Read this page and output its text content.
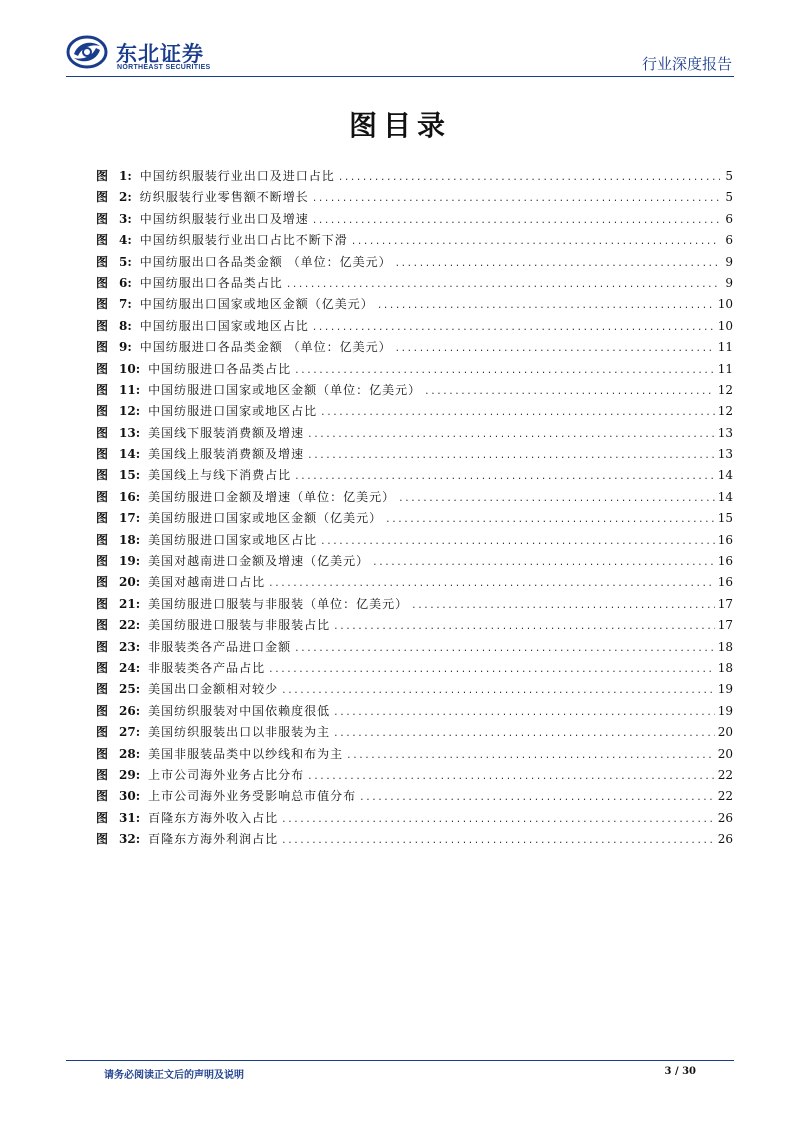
东北证券
NORTHEAST SECURITIES	行业深度报告
图目录
图 1: 中国纺织服装行业出口及进口占比 .....	5
图 2: 纺织服装行业零售额不断增长 .....	5
图 3: 中国纺织服装行业出口及增速 .....	6
图 4: 中国纺织服装行业出口占比不断下滑 .....	6
图 5: 中国纺服出口各品类金额 （单位：亿美元） .....	9
图 6: 中国纺服出口各品类占比 .....	9
图 7: 中国纺服出口国家或地区金额（亿美元） .....	10
图 8: 中国纺服出口国家或地区占比 .....	10
图 9: 中国纺服进口各品类金额 （单位：亿美元） .....	11
图 10: 中国纺服进口各品类占比 .....	11
图 11: 中国纺服进口国家或地区金额（单位：亿美元） .....	12
图 12: 中国纺服进口国家或地区占比 .....	12
图 13: 美国线下服装消费额及增速 .....	13
图 14: 美国线上服装消费额及增速 .....	13
图 15: 美国线上与线下消费占比 .....	14
图 16: 美国纺服进口金额及增速（单位：亿美元） .....	14
图 17: 美国纺服进口国家或地区金额（亿美元） .....	15
图 18: 美国纺服进口国家或地区占比 .....	16
图 19: 美国对越南进口金额及增速（亿美元） .....	16
图 20: 美国对越南进口占比 .....	16
图 21: 美国纺服进口服装与非服装（单位：亿美元） .....	17
图 22: 美国纺服进口服装与非服装占比 .....	17
图 23: 非服装类各产品进口金额 .....	18
图 24: 非服装类各产品占比 .....	18
图 25: 美国出口金额相对较少 .....	19
图 26: 美国纺织服装对中国依赖度很低 .....	19
图 27: 美国纺织服装出口以非服装为主 .....	20
图 28: 美国非服装品类中以纱线和布为主 .....	20
图 29: 上市公司海外业务占比分布 .....	22
图 30: 上市公司海外业务受影响总市值分布 .....	22
图 31: 百隆东方海外收入占比 .....	26
图 32: 百隆东方海外利润占比 .....	26
请务必阅读正文后的声明及说明	3 / 30
